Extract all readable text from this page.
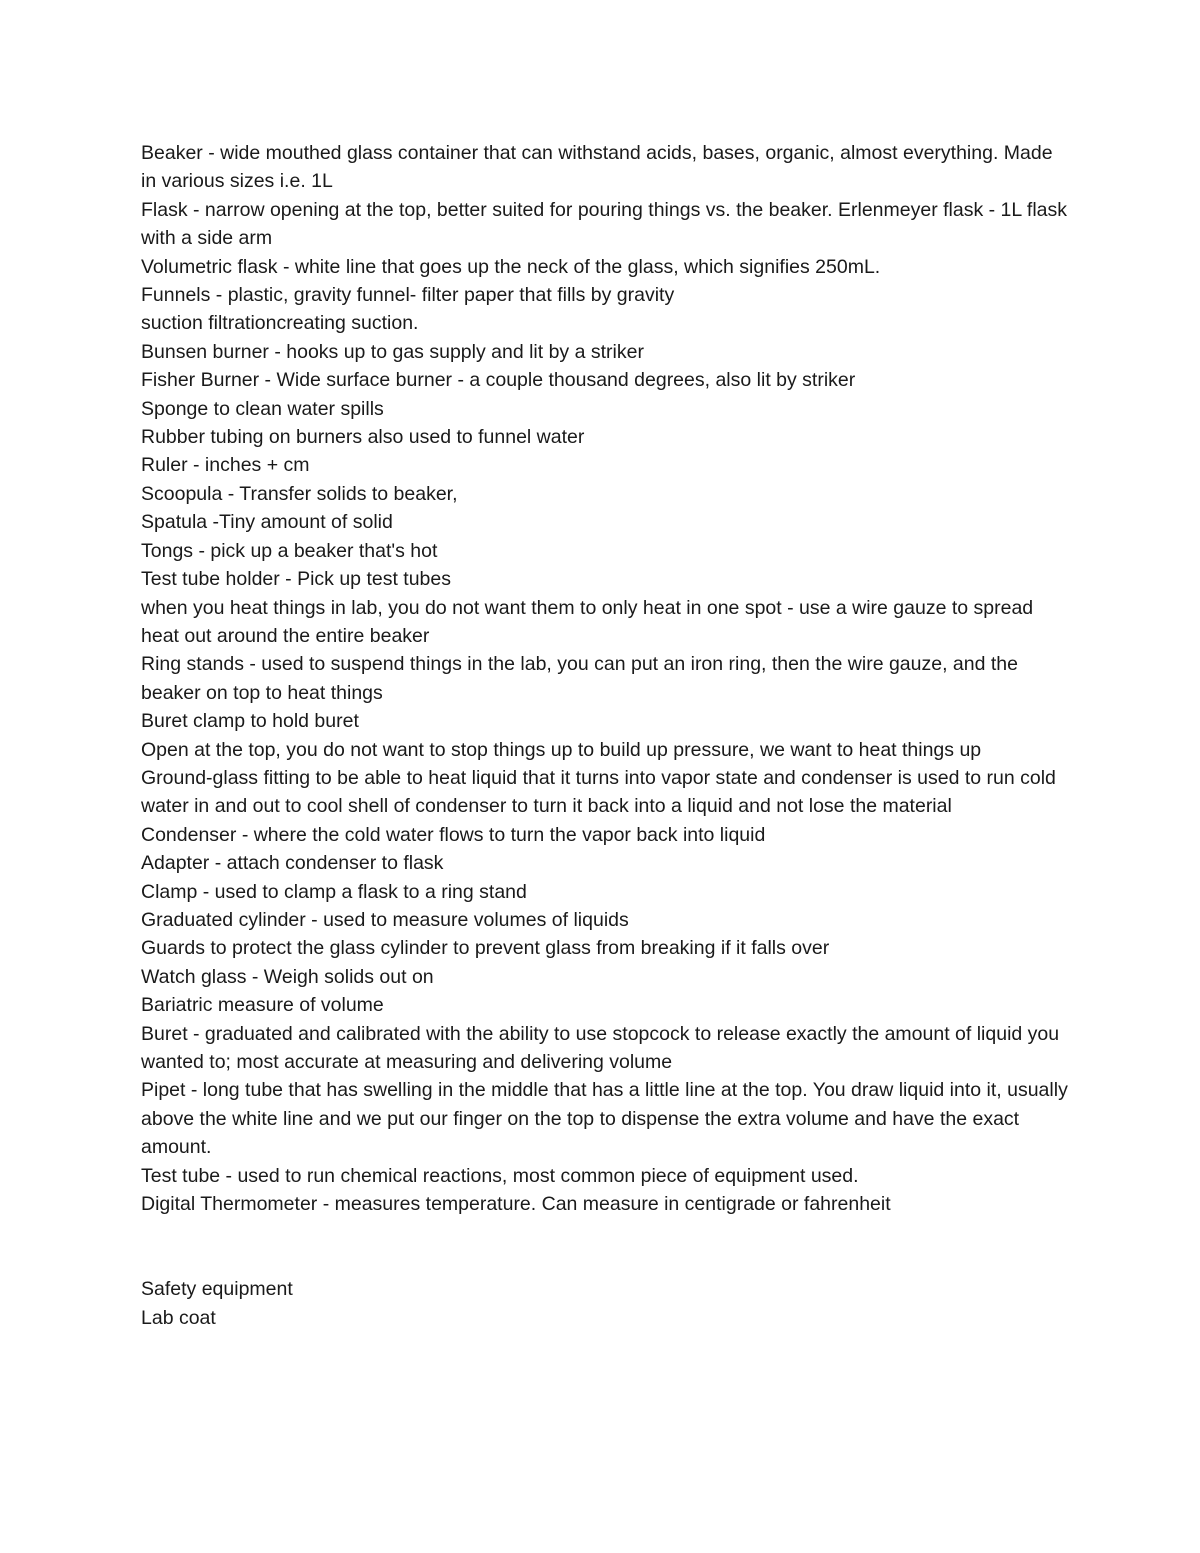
Beaker - wide mouthed glass container that can withstand acids, bases, organic, almost everything. Made in various sizes i.e. 1L

Flask - narrow opening at the top, better suited for pouring things vs. the beaker. Erlenmeyer flask - 1L flask with a side arm

Volumetric flask - white line that goes up the neck of the glass, which signifies 250mL.

Funnels - plastic, gravity funnel- filter paper that fills by gravity

suction filtrationcreating suction.

Bunsen burner - hooks up to gas supply and lit by a striker

Fisher Burner - Wide surface burner - a couple thousand degrees, also lit by striker

Sponge to clean water spills

Rubber tubing on burners also used to funnel water

Ruler - inches + cm

Scoopula - Transfer solids to beaker,

Spatula -Tiny amount of solid

Tongs - pick up a beaker that's hot

Test tube holder - Pick up test tubes

when you heat things in lab, you do not want them to only heat in one spot - use a wire gauze to spread heat out around the entire beaker

Ring stands - used to suspend things in the lab, you can put an iron ring, then the wire gauze, and the beaker on top to heat things

Buret clamp to hold buret

Open at the top, you do not want to stop things up to build up pressure, we want to heat things up

Ground-glass fitting to be able to heat liquid that it turns into vapor state and condenser is used to run cold water in and out to cool shell of condenser to turn it back into a liquid and not lose the material

Condenser - where the cold water flows to turn the vapor back into liquid

Adapter - attach condenser to flask

Clamp - used to clamp a flask to a ring stand

Graduated cylinder - used to measure volumes of liquids

Guards to protect the glass cylinder to prevent glass from breaking if it falls over

Watch glass - Weigh solids out on

Bariatric measure of volume

Buret - graduated and calibrated with the ability to use stopcock to release exactly the amount of liquid you wanted to; most accurate at measuring and delivering volume

Pipet - long tube that has swelling in the middle that has a little line at the top. You draw liquid into it, usually above the white line and we put our finger on the top to dispense the extra volume and have the exact amount.

Test tube - used to run chemical reactions, most common piece of equipment used.

Digital Thermometer - measures temperature. Can measure in centigrade or fahrenheit

Safety equipment

Lab coat
